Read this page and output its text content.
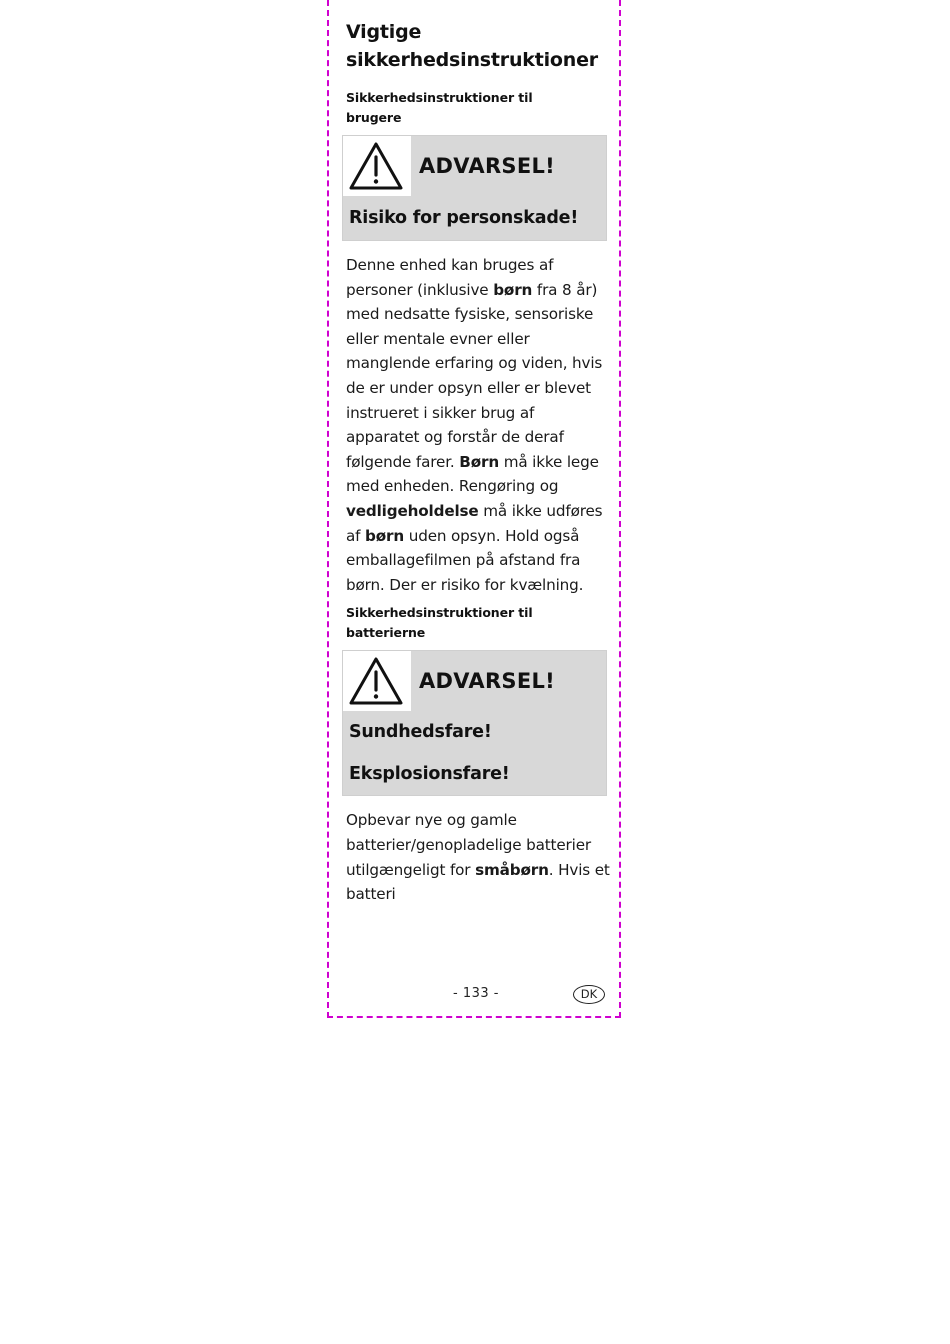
Vigtige sikkerhedsinstruktioner

Sikkerhedsinstruktioner til brugere

ADVARSEL!
Risiko for personskade!

Denne enhed kan bruges af personer (inklusive børn fra 8 år) med nedsatte fysiske, sensoriske eller mentale evner eller manglende erfaring og viden, hvis de er under opsyn eller er blevet instrueret i sikker brug af apparatet og forstår de deraf følgende farer. Børn må ikke lege med enheden. Rengøring og vedligeholdelse må ikke udføres af børn uden opsyn. Hold også emballagefilmen på afstand fra børn. Der er risiko for kvælning.

Sikkerhedsinstruktioner til batterierne

ADVARSEL!
Sundhedsfare!
Eksplosionsfare!

Opbevar nye og gamle batterier/genopladelige batterier utilgængeligt for småbørn. Hvis et batteri

- 133 -	DK
